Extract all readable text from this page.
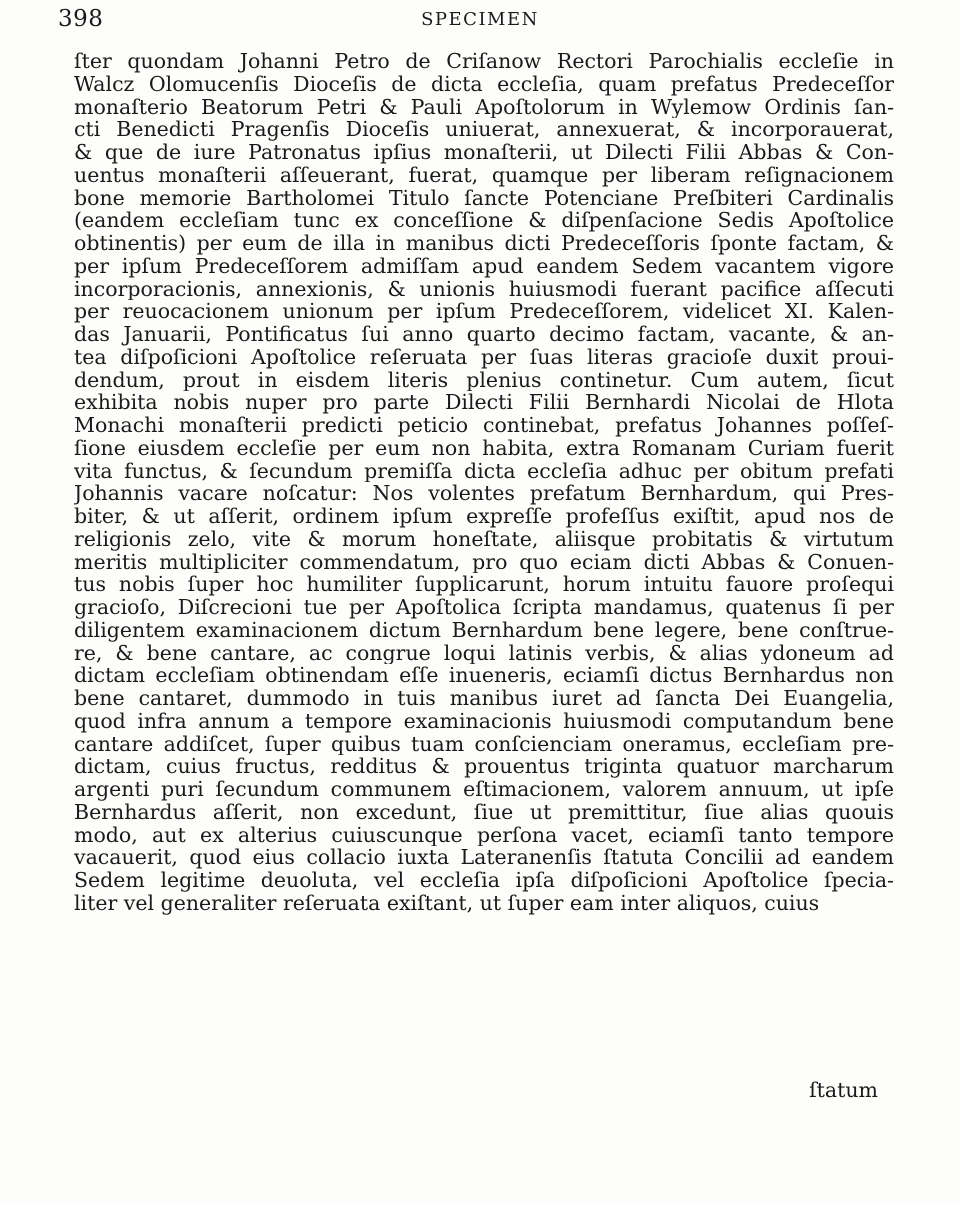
398	SPECIMEN
ſter quondam Johanni Petro de Criſanow Rectori Parochialis eccleſie in
Walcz Olomucenſis Dioceſis de dicta eccleſia, quam prefatus Predeceſſor
monaſterio Beatorum Petri & Pauli Apoſtolorum in Wylemow Ordinis ſan-
cti Benedicti Pragenſis Dioceſis uniuerat, annexuerat, & incorporauerat,
& que de iure Patronatus ipſius monaſterii, ut Dilecti Filii Abbas & Con-
uentus monaſterii aſſeuerant, fuerat, quamque per liberam reſignacionem
bone memorie Bartholomei Titulo ſancte Potenciane Preſbiteri Cardinalis
(eandem eccleſiam tunc ex conceſſione & diſpenſacione Sedis Apoſtolice
obtinentis) per eum de illa in manibus dicti Predeceſſoris ſponte factam, &
per ipſum Predeceſſorem admiſſam apud eandem Sedem vacantem vigore
incorporacionis, annexionis, & unionis huiusmodi fuerant pacifice aſſecuti
per reuocacionem unionum per ipſum Predeceſſorem, videlicet XI. Kalen-
das Januarii, Pontificatus ſui anno quarto decimo factam, vacante, & an-
tea diſpoſicioni Apoſtolice reſeruata per ſuas literas gracioſe duxit proui-
dendum, prout in eisdem literis plenius continetur. Cum autem, ſicut
exhibita nobis nuper pro parte Dilecti Filii Bernhardi Nicolai de Hlota
Monachi monaſterii predicti peticio continebat, prefatus Johannes poſſeſ-
ſione eiusdem eccleſie per eum non habita, extra Romanam Curiam fuerit
vita functus, & ſecundum premiſſa dicta eccleſia adhuc per obitum prefati
Johannis vacare noſcatur: Nos volentes prefatum Bernhardum, qui Pres-
biter, & ut aſſerit, ordinem ipſum expreſſe profeſſus exiſtit, apud nos de
religionis zelo, vite & morum honeſtate, aliisque probitatis & virtutum
meritis multipliciter commendatum, pro quo eciam dicti Abbas & Conuen-
tus nobis ſuper hoc humiliter ſupplicarunt, horum intuitu fauore proſequi
gracioſo, Diſcrecioni tue per Apoſtolica ſcripta mandamus, quatenus ſi per
diligentem examinacionem dictum Bernhardum bene legere, bene conſtrue-
re, & bene cantare, ac congrue loqui latinis verbis, & alias ydoneum ad
dictam eccleſiam obtinendam eſſe inueneris, eciamſi dictus Bernhardus non
bene cantaret, dummodo in tuis manibus iuret ad ſancta Dei Euangelia,
quod infra annum a tempore examinacionis huiusmodi computandum bene
cantare addiſcet, ſuper quibus tuam conſcienciam oneramus, eccleſiam pre-
dictam, cuius fructus, redditus & prouentus triginta quatuor marcharum
argenti puri ſecundum communem eſtimacionem, valorem annuum, ut ipſe
Bernhardus aſſerit, non excedunt, ſiue ut premittitur, ſiue alias quouis
modo, aut ex alterius cuiuscunque perſona vacet, eciamſi tanto tempore
vacauerit, quod eius collacio iuxta Lateranenſis ſtatuta Concilii ad eandem
Sedem legitime deuoluta, vel eccleſia ipſa diſpoſicioni Apoſtolice ſpecia-
liter vel generaliter reſeruata exiſtant, ut ſuper eam inter aliquos, cuius
ſtatum
